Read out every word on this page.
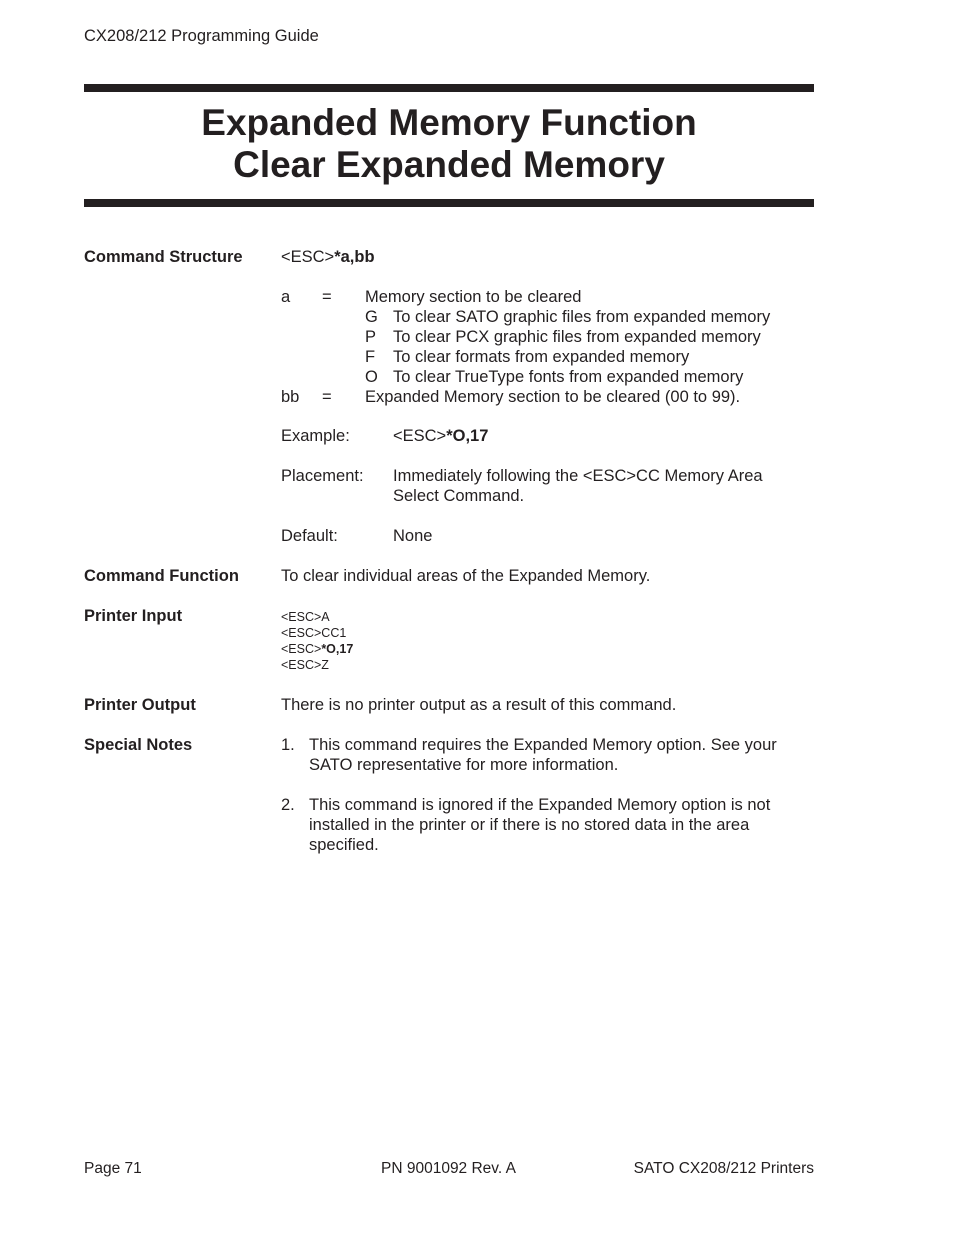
CX208/212 Programming Guide
Expanded Memory Function
Clear Expanded Memory
Command Structure <ESC>*a,bb
a = Memory section to be cleared
G To clear SATO graphic files from expanded memory
P To clear PCX graphic files from expanded memory
F To clear formats from expanded memory
O To clear TrueType fonts from expanded memory
bb = Expanded Memory section to be cleared (00 to 99).
Example:	<ESC>*O,17
Placement: Immediately following the <ESC>CC Memory Area
Select Command.
Default:	None
Command Function	To clear individual areas of the Expanded Memory.
Printer Input	<ESC>A
<ESC>CC1
<ESC>*O,17
<ESC>Z
Printer Output	There is no printer output as a result of this command.
Special Notes	1. This command requires the Expanded Memory option. See your
SATO representative for more information.
2. This command is ignored if the Expanded Memory option is not
installed in the printer or if there is no stored data in the area
specified.
Page 71	PN 9001092 Rev. A	SATO CX208/212 Printers
